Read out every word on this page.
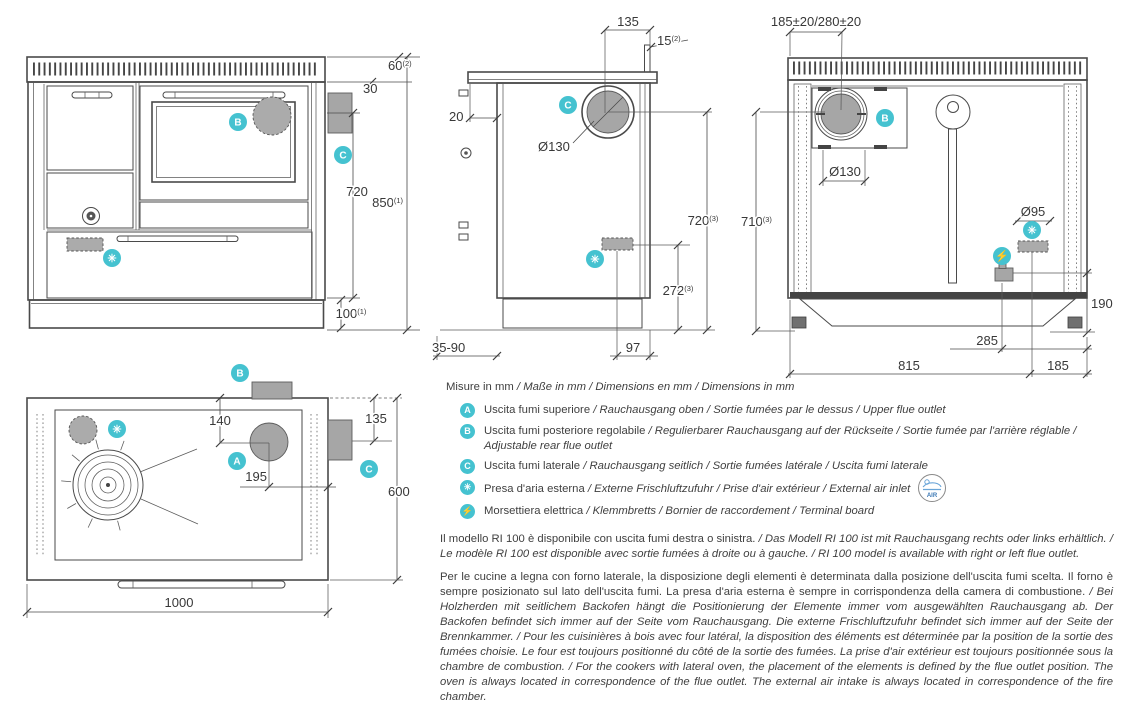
60$^{(2)}$
30
720
850$^{(1)}$
100$^{(1)}$
B
C
✳
135
15$^{(2)}$
20
Ø130
720$^{(3)}$
272$^{(3)}$
35-90	97
C
✳
185±20/280±20
Ø130
710$^{(3)}$
Ø95
190
285
815	185
B
✳
⚡
140	135
195
600
1000
B
✳
A
C
Misure in mm / Maße in mm / Dimensions en mm / Dimensions in mm
A	Uscita fumi superiore / Rauchausgang oben / Sortie fumées par le dessus / Upper flue outlet
B	Uscita fumi posteriore regolabile / Regulierbarer Rauchausgang auf der Rückseite / Sortie fumée par l'arrière réglable / Adjustable rear flue outlet
C	Uscita fumi laterale / Rauchausgang seitlich / Sortie fumées latérale / Uscita fumi laterale
✳	Presa d'aria esterna / Externe Frischluftzufuhr / Prise d'air extérieur / External air inlet
AIR
⚡ Morsettiera elettrica / Klemmbretts / Bornier de raccordement / Terminal board

Il modello RI 100 è disponibile con uscita fumi destra o sinistra. / Das Modell RI 100 ist mit Rauchausgang rechts oder links erhältlich. / Le modèle RI 100 est disponible avec sortie fumées à droite ou à gauche. / RI 100 model is available with right or left flue outlet.

Per le cucine a legna con forno laterale, la disposizione degli elementi è determinata dalla posizione dell'uscita fumi scelta. Il forno è sempre posizionato sul lato dell'uscita fumi. La presa d'aria esterna è sempre in corrispondenza della camera di combustione. / Bei Holzherden mit seitlichem Backofen hängt die Positionierung der Elemente immer vom ausgewählten Rauchausgang ab. Der Backofen befindet sich immer auf der Seite vom Rauchausgang. Die externe Frischluftzufuhr befindet sich immer auf der Seite der Brennkammer. / Pour les cuisinières à bois avec four latéral, la disposition des éléments est déterminée par la position de la sortie des fumées choisie. Le four est toujours positionné du côté de la sortie des fumées. La prise d'air extérieur est toujours positionnée sous la chambre de combustion. / For the cookers with lateral oven, the placement of the elements is defined by the flue outlet position. The oven is always located in correspondence of the flue outlet. The external air intake is always located in correspondence of the fire chamber.
